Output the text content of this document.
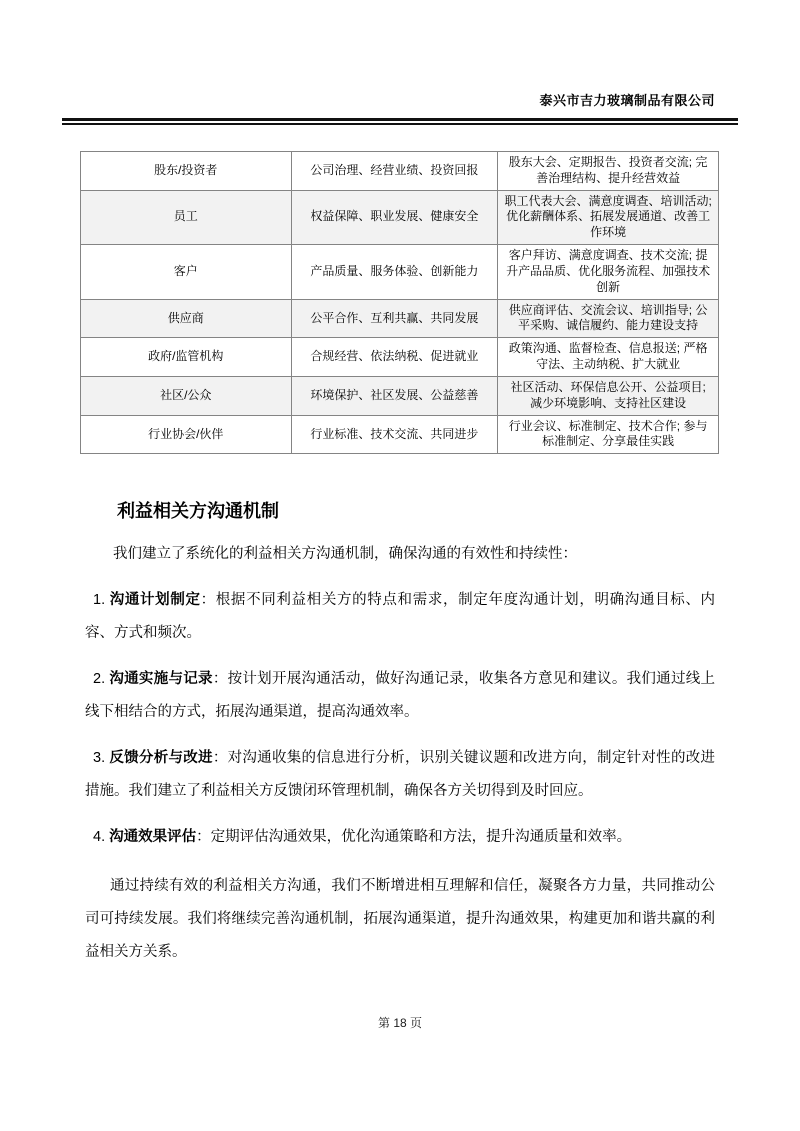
泰兴市吉力玻璃制品有限公司
股东/投资者	公司治理、经营业绩、投资回报	股东大会、定期报告、投资者交流; 完善治理结构、提升经营效益
员工	权益保障、职业发展、健康安全	职工代表大会、满意度调查、培训活动; 优化薪酬体系、拓展发展通道、改善工作环境
客户	产品质量、服务体验、创新能力	客户拜访、满意度调查、技术交流; 提升产品品质、优化服务流程、加强技术创新
供应商	公平合作、互利共赢、共同发展	供应商评估、交流会议、培训指导; 公平采购、诚信履约、能力建设支持
政府/监管机构	合规经营、依法纳税、促进就业	政策沟通、监督检查、信息报送; 严格守法、主动纳税、扩大就业
社区/公众	环境保护、社区发展、公益慈善	社区活动、环保信息公开、公益项目; 减少环境影响、支持社区建设
行业协会/伙伴	行业标准、技术交流、共同进步	行业会议、标准制定、技术合作; 参与标准制定、分享最佳实践
利益相关方沟通机制

我们建立了系统化的利益相关方沟通机制，确保沟通的有效性和持续性：

1. 沟通计划制定：根据不同利益相关方的特点和需求，制定年度沟通计划，明确沟通目标、内容、方式和频次。

2. 沟通实施与记录：按计划开展沟通活动，做好沟通记录，收集各方意见和建议。我们通过线上线下相结合的方式，拓展沟通渠道，提高沟通效率。

3. 反馈分析与改进：对沟通收集的信息进行分析，识别关键议题和改进方向，制定针对性的改进措施。我们建立了利益相关方反馈闭环管理机制，确保各方关切得到及时回应。

4. 沟通效果评估：定期评估沟通效果，优化沟通策略和方法，提升沟通质量和效率。

通过持续有效的利益相关方沟通，我们不断增进相互理解和信任，凝聚各方力量，共同推动公司可持续发展。我们将继续完善沟通机制，拓展沟通渠道，提升沟通效果，构建更加和谐共赢的利益相关方关系。

第 18 页
